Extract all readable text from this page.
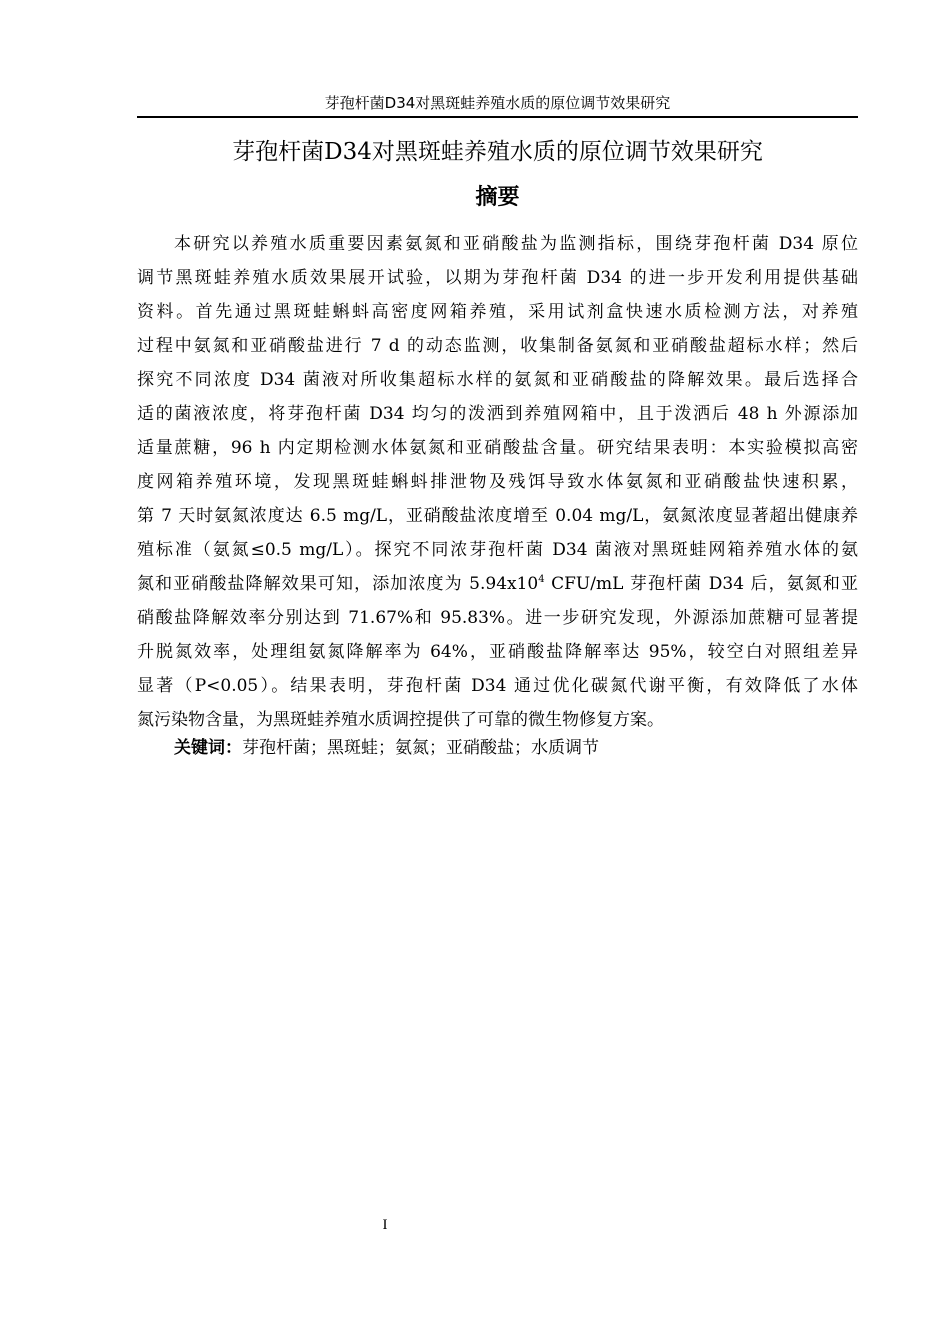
芽孢杆菌D34对黑斑蛙养殖水质的原位调节效果研究
芽孢杆菌D34对黑斑蛙养殖水质的原位调节效果研究
摘要
本研究以养殖水质重要因素氨氮和亚硝酸盐为监测指标，围绕芽孢杆菌 D34 原位
调节黑斑蛙养殖水质效果展开试验，以期为芽孢杆菌 D34 的进一步开发利用提供基础
资料。首先通过黑斑蛙蝌蚪高密度网箱养殖，采用试剂盒快速水质检测方法，对养殖
过程中氨氮和亚硝酸盐进行 7 d 的动态监测，收集制备氨氮和亚硝酸盐超标水样；然后
探究不同浓度 D34 菌液对所收集超标水样的氨氮和亚硝酸盐的降解效果。最后选择合
适的菌液浓度，将芽孢杆菌 D34 均匀的泼洒到养殖网箱中，且于泼洒后 48 h 外源添加
适量蔗糖，96 h 内定期检测水体氨氮和亚硝酸盐含量。研究结果表明：本实验模拟高密
度网箱养殖环境，发现黑斑蛙蝌蚪排泄物及残饵导致水体氨氮和亚硝酸盐快速积累，
第 7 天时氨氮浓度达 6.5 mg/L，亚硝酸盐浓度增至 0.04 mg/L，氨氮浓度显著超出健康养
殖标准（氨氮≤0.5 mg/L）。探究不同浓芽孢杆菌 D34 菌液对黑斑蛙网箱养殖水体的氨
氮和亚硝酸盐降解效果可知，添加浓度为 $5.94x10^4$ CFU/mL 芽孢杆菌 D34 后，氨氮和亚
硝酸盐降解效率分别达到 71.67%和 95.83%。进一步研究发现，外源添加蔗糖可显著提
升脱氮效率，处理组氨氮降解率为 64%，亚硝酸盐降解率达 95%，较空白对照组差异
显著（P<0.05）。结果表明，芽孢杆菌 D34 通过优化碳氮代谢平衡，有效降低了水体
氮污染物含量，为黑斑蛙养殖水质调控提供了可靠的微生物修复方案。
关键词：芽孢杆菌；黑斑蛙；氨氮；亚硝酸盐；水质调节
I
